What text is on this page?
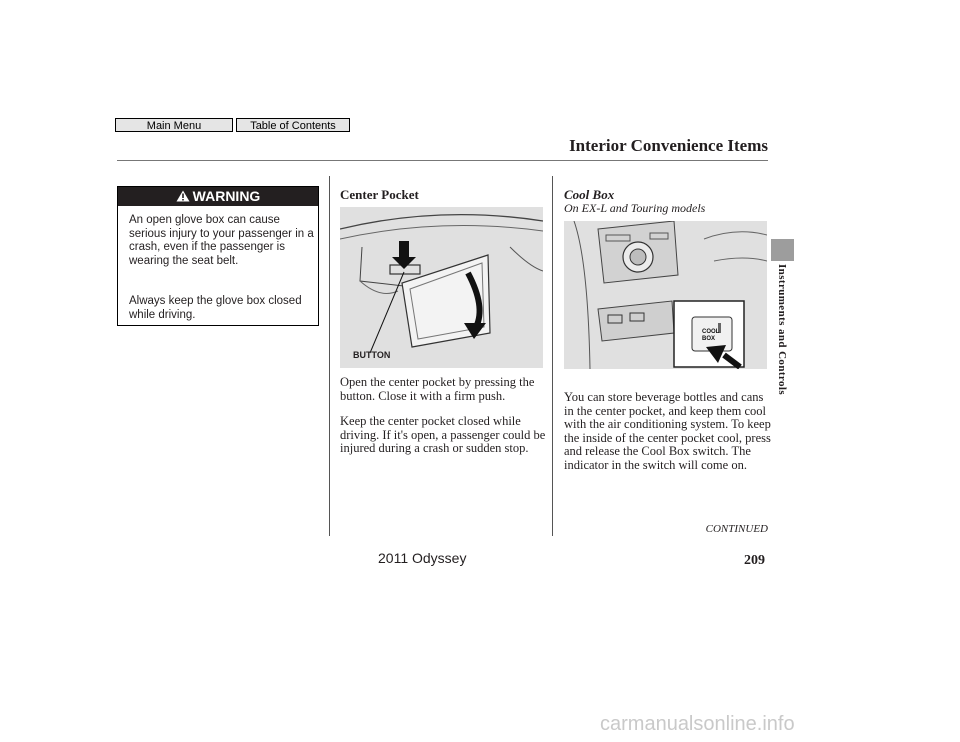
Main Menu	Table of Contents
Interior Convenience Items
Instruments and Controls
WARNING

An open glove box can cause serious injury to your passenger in a crash, even if the passenger is wearing the seat belt.

Always keep the glove box closed while driving.

Center Pocket
BUTTON

Open the center pocket by pressing the button. Close it with a firm push.

Keep the center pocket closed while driving. If it's open, a passenger could be injured during a crash or sudden stop.

Cool Box
On EX-L and Touring models
COOL
BOX

You can store beverage bottles and cans in the center pocket, and keep them cool with the air conditioning system. To keep the inside of the center pocket cool, press and release the Cool Box switch. The indicator in the switch will come on.

CONTINUED
209
2011 Odyssey
carmanualsonline.info
